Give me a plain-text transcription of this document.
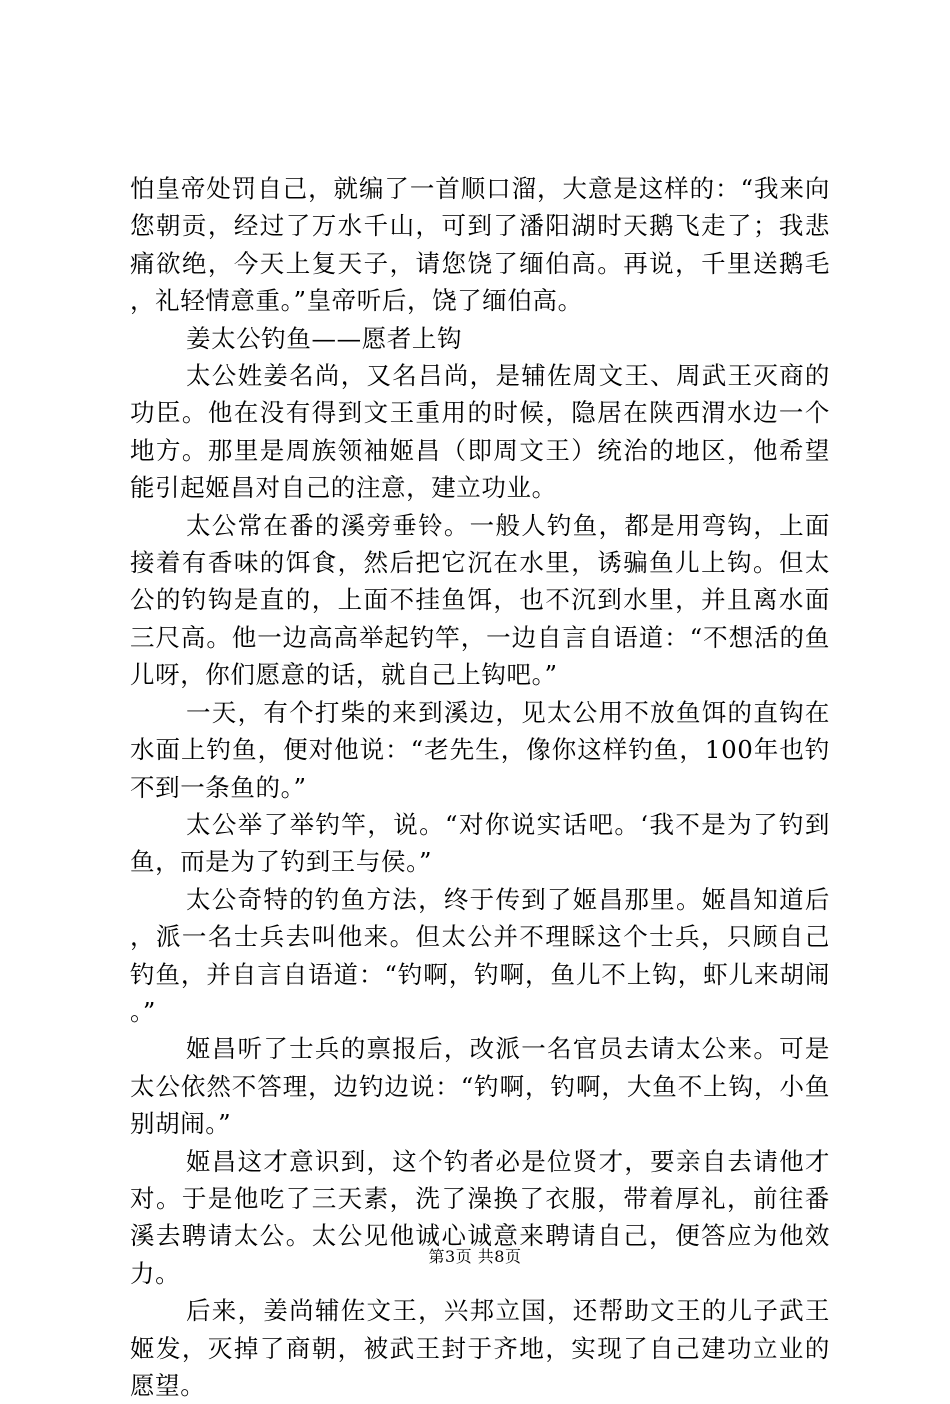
怕皇帝处罚自己，就编了一首顺口溜，大意是这样的：“我来向您朝贡，经过了万水千山，可到了潘阳湖时天鹅飞走了；我悲痛欲绝，今天上复天子，请您饶了缅伯高。再说，千里送鹅毛，礼轻情意重。”皇帝听后，饶了缅伯高。

姜太公钓鱼——愿者上钩

太公姓姜名尚，又名吕尚，是辅佐周文王、周武王灭商的功臣。他在没有得到文王重用的时候，隐居在陕西渭水边一个地方。那里是周族领袖姬昌（即周文王）统治的地区，他希望能引起姬昌对自己的注意，建立功业。

太公常在番的溪旁垂铃。一般人钓鱼，都是用弯钩，上面接着有香味的饵食，然后把它沉在水里，诱骗鱼儿上钩。但太公的钓钩是直的，上面不挂鱼饵，也不沉到水里，并且离水面三尺高。他一边高高举起钓竿，一边自言自语道：“不想活的鱼儿呀，你们愿意的话，就自己上钩吧。”

一天，有个打柴的来到溪边，见太公用不放鱼饵的直钩在水面上钓鱼，便对他说：“老先生，像你这样钓鱼，100年也钓不到一条鱼的。”

太公举了举钓竿，说。“对你说实话吧。‘我不是为了钓到鱼，而是为了钓到王与侯。”

太公奇特的钓鱼方法，终于传到了姬昌那里。姬昌知道后，派一名士兵去叫他来。但太公并不理睬这个士兵，只顾自己钓鱼，并自言自语道：“钓啊，钓啊，鱼儿不上钩，虾儿来胡闹。”

姬昌听了士兵的禀报后，改派一名官员去请太公来。可是太公依然不答理，边钓边说：“钓啊，钓啊，大鱼不上钩，小鱼别胡闹。”

姬昌这才意识到，这个钓者必是位贤才，要亲自去请他才对。于是他吃了三天素，洗了澡换了衣服，带着厚礼，前往番溪去聘请太公。太公见他诚心诚意来聘请自己，便答应为他效力。

后来，姜尚辅佐文王，兴邦立国，还帮助文王的儿子武王姬发，灭掉了商朝，被武王封于齐地，实现了自己建功立业的愿望。

第3页 共8页
